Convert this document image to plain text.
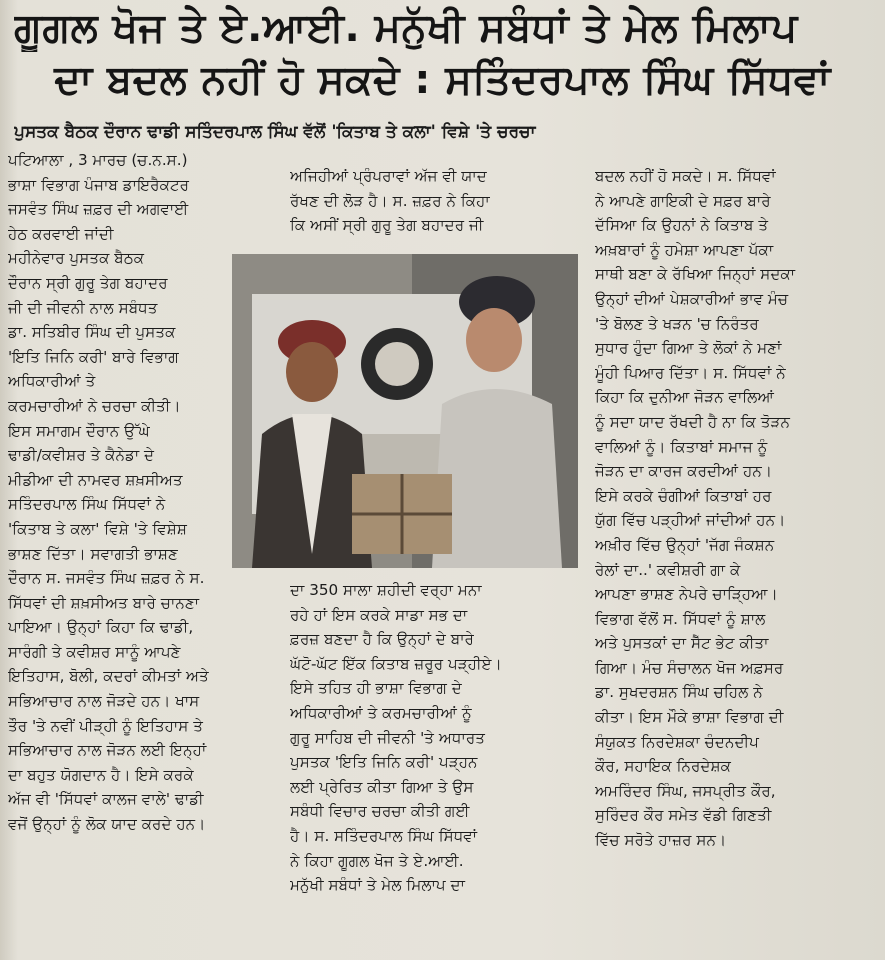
ਗੂਗਲ ਖੋਜ ਤੇ ਏ.ਆਈ. ਮਨੁੱਖੀ ਸਬੰਧਾਂ ਤੇ ਮੇਲ ਮਿਲਾਪ
ਦਾ ਬਦਲ ਨਹੀਂ ਹੋ ਸਕਦੇ : ਸਤਿੰਦਰਪਾਲ ਸਿੰਘ ਸਿੱਧਵਾਂ
ਪੁਸਤਕ ਬੈਠਕ ਦੌਰਾਨ ਢਾਡੀ ਸਤਿੰਦਰਪਾਲ ਸਿੰਘ ਵੱਲੋਂ 'ਕਿਤਾਬ ਤੇ ਕਲਾ' ਵਿਸ਼ੇ 'ਤੇ ਚਰਚਾ
ਪਟਿਆਲਾ , 3 ਮਾਰਚ (ਚ.ਨ.ਸ.)
ਭਾਸ਼ਾ ਵਿਭਾਗ ਪੰਜਾਬ ਡਾਇਰੈਕਟਰ
ਜਸਵੰਤ ਸਿੰਘ ਜ਼ਫ਼ਰ ਦੀ ਅਗਵਾਈ
ਹੇਠ ਕਰਵਾਈ ਜਾਂਦੀ
ਮਹੀਨੇਵਾਰ ਪੁਸਤਕ ਬੈਠਕ
ਦੌਰਾਨ ਸ੍ਰੀ ਗੁਰੂ ਤੇਗ ਬਹਾਦਰ
ਜੀ ਦੀ ਜੀਵਨੀ ਨਾਲ ਸਬੰਧਤ
ਡਾ. ਸਤਿਬੀਰ ਸਿੰਘ ਦੀ ਪੁਸਤਕ
'ਇਤਿ ਜਿਨਿ ਕਰੀ' ਬਾਰੇ ਵਿਭਾਗ
ਅਧਿਕਾਰੀਆਂ ਤੇ
ਕਰਮਚਾਰੀਆਂ ਨੇ ਚਰਚਾ ਕੀਤੀ।
ਇਸ ਸਮਾਗਮ ਦੌਰਾਨ ਉੱਘੇ
ਢਾਡੀ/ਕਵੀਸ਼ਰ ਤੇ ਕੈਨੇਡਾ ਦੇ
ਮੀਡੀਆ ਦੀ ਨਾਮਵਰ ਸ਼ਖ਼ਸੀਅਤ
ਸਤਿੰਦਰਪਾਲ ਸਿੰਘ ਸਿੱਧਵਾਂ ਨੇ
'ਕਿਤਾਬ ਤੇ ਕਲਾ' ਵਿਸ਼ੇ 'ਤੇ ਵਿਸ਼ੇਸ਼
ਭਾਸ਼ਣ ਦਿੱਤਾ। ਸਵਾਗਤੀ ਭਾਸ਼ਣ
ਦੌਰਾਨ ਸ. ਜਸਵੰਤ ਸਿੰਘ ਜ਼ਫ਼ਰ ਨੇ ਸ.
ਸਿੱਧਵਾਂ ਦੀ ਸ਼ਖ਼ਸੀਅਤ ਬਾਰੇ ਚਾਨਣਾ
ਪਾਇਆ। ਉਨ੍ਹਾਂ ਕਿਹਾ ਕਿ ਢਾਡੀ,
ਸਾਰੰਗੀ ਤੇ ਕਵੀਸ਼ਰ ਸਾਨੂੰ ਆਪਣੇ
ਇਤਿਹਾਸ, ਬੋਲੀ, ਕਦਰਾਂ ਕੀਮਤਾਂ ਅਤੇ
ਸਭਿਆਚਾਰ ਨਾਲ ਜੋੜਦੇ ਹਨ। ਖਾਸ
ਤੌਰ 'ਤੇ ਨਵੀਂ ਪੀੜ੍ਹੀ ਨੂੰ ਇਤਿਹਾਸ ਤੇ
ਸਭਿਆਚਾਰ ਨਾਲ ਜੋੜਨ ਲਈ ਇਨ੍ਹਾਂ
ਦਾ ਬਹੁਤ ਯੋਗਦਾਨ ਹੈ। ਇਸੇ ਕਰਕੇ
ਅੱਜ ਵੀ 'ਸਿੱਧਵਾਂ ਕਾਲਜ ਵਾਲੇ' ਢਾਡੀ
ਵਜੋਂ ਉਨ੍ਹਾਂ ਨੂੰ ਲੋਕ ਯਾਦ ਕਰਦੇ ਹਨ।
ਅਜਿਹੀਆਂ ਪ੍ਰੰਪਰਾਵਾਂ ਅੱਜ ਵੀ ਯਾਦ
ਰੱਖਣ ਦੀ ਲੋੜ ਹੈ। ਸ. ਜ਼ਫ਼ਰ ਨੇ ਕਿਹਾ
ਕਿ ਅਸੀਂ ਸ੍ਰੀ ਗੁਰੂ ਤੇਗ ਬਹਾਦਰ ਜੀ
ਦਾ 350 ਸਾਲਾ ਸ਼ਹੀਦੀ ਵਰ੍ਹਾ ਮਨਾ
ਰਹੇ ਹਾਂ ਇਸ ਕਰਕੇ ਸਾਡਾ ਸਭ ਦਾ
ਫ਼ਰਜ਼ ਬਣਦਾ ਹੈ ਕਿ ਉਨ੍ਹਾਂ ਦੇ ਬਾਰੇ
ਘੱਟੋ-ਘੱਟ ਇੱਕ ਕਿਤਾਬ ਜ਼ਰੂਰ ਪੜ੍ਹੀਏ।
ਇਸੇ ਤਹਿਤ ਹੀ ਭਾਸ਼ਾ ਵਿਭਾਗ ਦੇ
ਅਧਿਕਾਰੀਆਂ ਤੇ ਕਰਮਚਾਰੀਆਂ ਨੂੰ
ਗੁਰੂ ਸਾਹਿਬ ਦੀ ਜੀਵਨੀ 'ਤੇ ਅਧਾਰਤ
ਪੁਸਤਕ 'ਇਤਿ ਜਿਨਿ ਕਰੀ' ਪੜ੍ਹਨ
ਲਈ ਪ੍ਰੇਰਿਤ ਕੀਤਾ ਗਿਆ ਤੇ ਉਸ
ਸਬੰਧੀ ਵਿਚਾਰ ਚਰਚਾ ਕੀਤੀ ਗਈ
ਹੈ। ਸ. ਸਤਿੰਦਰਪਾਲ ਸਿੰਘ ਸਿੱਧਵਾਂ
ਨੇ ਕਿਹਾ ਗੂਗਲ ਖੋਜ ਤੇ ਏ.ਆਈ.
ਮਨੁੱਖੀ ਸਬੰਧਾਂ ਤੇ ਮੇਲ ਮਿਲਾਪ ਦਾ
ਬਦਲ ਨਹੀਂ ਹੋ ਸਕਦੇ। ਸ. ਸਿੱਧਵਾਂ
ਨੇ ਆਪਣੇ ਗਾਇਕੀ ਦੇ ਸਫ਼ਰ ਬਾਰੇ
ਦੱਸਿਆ ਕਿ ਉਹਨਾਂ ਨੇ ਕਿਤਾਬ ਤੇ
ਅਖ਼ਬਾਰਾਂ ਨੂੰ ਹਮੇਸ਼ਾ ਆਪਣਾ ਪੱਕਾ
ਸਾਥੀ ਬਣਾ ਕੇ ਰੱਖਿਆ ਜਿਨ੍ਹਾਂ ਸਦਕਾ
ਉਨ੍ਹਾਂ ਦੀਆਂ ਪੇਸ਼ਕਾਰੀਆਂ ਭਾਵ ਮੰਚ
'ਤੇ ਬੋਲਣ ਤੇ ਖੜਨ 'ਚ ਨਿਰੰਤਰ
ਸੁਧਾਰ ਹੁੰਦਾ ਗਿਆ ਤੇ ਲੋਕਾਂ ਨੇ ਮਣਾਂ
ਮੂੰਹੀ ਪਿਆਰ ਦਿੱਤਾ। ਸ. ਸਿੱਧਵਾਂ ਨੇ
ਕਿਹਾ ਕਿ ਦੁਨੀਆ ਜੋੜਨ ਵਾਲਿਆਂ
ਨੂੰ ਸਦਾ ਯਾਦ ਰੱਖਦੀ ਹੈ ਨਾ ਕਿ ਤੋੜਨ
ਵਾਲਿਆਂ ਨੂੰ। ਕਿਤਾਬਾਂ ਸਮਾਜ ਨੂੰ
ਜੋੜਨ ਦਾ ਕਾਰਜ ਕਰਦੀਆਂ ਹਨ।
ਇਸੇ ਕਰਕੇ ਚੰਗੀਆਂ ਕਿਤਾਬਾਂ ਹਰ
ਯੁੱਗ ਵਿੱਚ ਪੜ੍ਹੀਆਂ ਜਾਂਦੀਆਂ ਹਨ।
ਅਖ਼ੀਰ ਵਿੱਚ ਉਨ੍ਹਾਂ 'ਜੱਗ ਜੰਕਸ਼ਨ
ਰੇਲਾਂ ਦਾ..' ਕਵੀਸ਼ਰੀ ਗਾ ਕੇ
ਆਪਣਾ ਭਾਸ਼ਣ ਨੇਪਰੇ ਚਾੜ੍ਹਿਆ।
ਵਿਭਾਗ ਵੱਲੋਂ ਸ. ਸਿੱਧਵਾਂ ਨੂੰ ਸ਼ਾਲ
ਅਤੇ ਪੁਸਤਕਾਂ ਦਾ ਸੈੱਟ ਭੇਟ ਕੀਤਾ
ਗਿਆ। ਮੰਚ ਸੰਚਾਲਨ ਖੋਜ ਅਫ਼ਸਰ
ਡਾ. ਸੁਖਦਰਸ਼ਨ ਸਿੰਘ ਚਹਿਲ ਨੇ
ਕੀਤਾ। ਇਸ ਮੌਕੇ ਭਾਸ਼ਾ ਵਿਭਾਗ ਦੀ
ਸੰਯੁਕਤ ਨਿਰਦੇਸ਼ਕਾ ਚੰਦਨਦੀਪ
ਕੌਰ, ਸਹਾਇਕ ਨਿਰਦੇਸ਼ਕ
ਅਮਰਿੰਦਰ ਸਿੰਘ, ਜਸਪ੍ਰੀਤ ਕੌਰ,
ਸੁਰਿੰਦਰ ਕੌਰ ਸਮੇਤ ਵੱਡੀ ਗਿਣਤੀ
ਵਿੱਚ ਸਰੋਤੇ ਹਾਜ਼ਰ ਸਨ।
